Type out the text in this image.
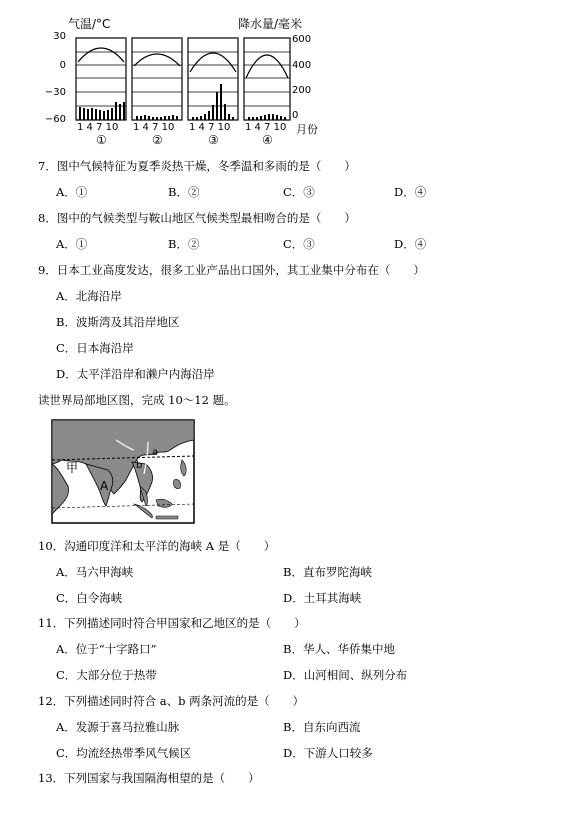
气温/°C	降水量/毫米
30
0
−30
−60
600
400
200
0
1 4 7 10
①
1 4 7 10
②
1 4 7 10
③
1 4 7 10
④
月份
7．图中气候特征为夏季炎热干燥，冬季温和多雨的是（　　）
A．①	B．②	C．③	D．④
8．图中的气候类型与鞍山地区气候类型最相吻合的是（　　）
A．①	B．②	C．③	D．④
9．日本工业高度发达，很多工业产品出口国外，其工业集中分布在（　　）
A．北海沿岸
B．波斯湾及其沿岸地区
C．日本海沿岸
D．太平洋沿岸和濑户内海沿岸
读世界局部地区图，完成 10～12 题。
a
b
甲
A
10．沟通印度洋和太平洋的海峡 A 是（　　）
A．马六甲海峡	B．直布罗陀海峡
C．白令海峡	D．土耳其海峡
11．下列描述同时符合甲国家和乙地区的是（　　）
A．位于“十字路口”	B．华人、华侨集中地
C．大部分位于热带	D．山河相间、纵列分布
12．下列描述同时符合 a、b 两条河流的是（　　）
A．发源于喜马拉雅山脉	B．自东向西流
C．均流经热带季风气候区	D．下游人口较多
13．下列国家与我国隔海相望的是（　　）
